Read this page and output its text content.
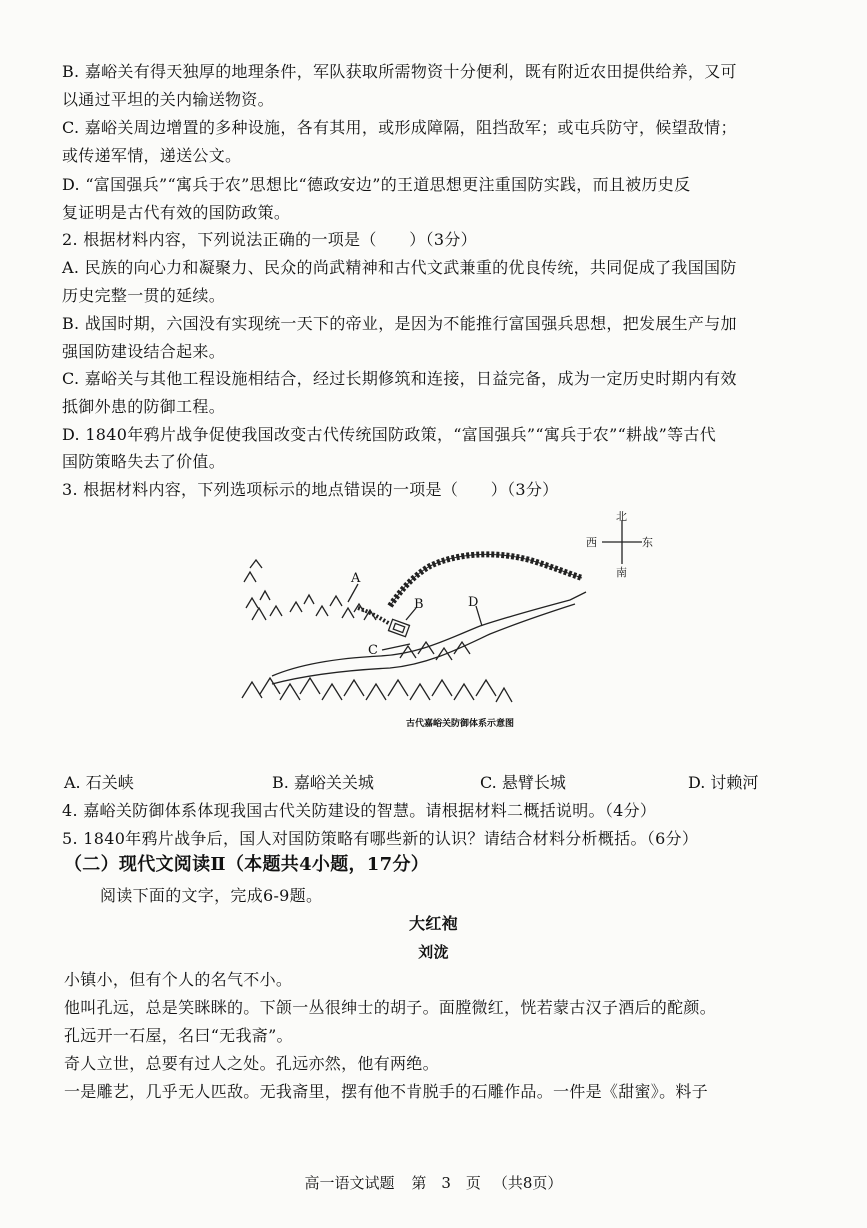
B. 嘉峪关有得天独厚的地理条件，军队获取所需物资十分便利，既有附近农田提供给养，又可
以通过平坦的关内输送物资。
C. 嘉峪关周边增置的多种设施，各有其用，或形成障隔，阻挡敌军；或屯兵防守，候望敌情；
或传递军情，递送公文。
D. “富国强兵”“寓兵于农”思想比“德政安边”的王道思想更注重国防实践，而且被历史反
复证明是古代有效的国防政策。
2. 根据材料内容，下列说法正确的一项是（　　）（3分）
A. 民族的向心力和凝聚力、民众的尚武精神和古代文武兼重的优良传统，共同促成了我国国防
历史完整一贯的延续。
B. 战国时期，六国没有实现统一天下的帝业，是因为不能推行富国强兵思想，把发展生产与加
强国防建设结合起来。
C. 嘉峪关与其他工程设施相结合，经过长期修筑和连接，日益完备，成为一定历史时期内有效
抵御外患的防御工程。
D. 1840年鸦片战争促使我国改变古代传统国防政策，“富国强兵”“寓兵于农”“耕战”等古代
国防策略失去了价值。
3. 根据材料内容，下列选项标示的地点错误的一项是（　　）（3分）
北
南
西	东
A
B
C
D
古代嘉峪关防御体系示意图
A. 石关峡	B. 嘉峪关关城	C. 悬臂长城	D. 讨赖河
4. 嘉峪关防御体系体现我国古代关防建设的智慧。请根据材料二概括说明。（4分）
5. 1840年鸦片战争后，国人对国防策略有哪些新的认识？请结合材料分析概括。（6分）
（二）现代文阅读Ⅱ（本题共4小题，17分）
阅读下面的文字，完成6-9题。
大红袍
刘泷
小镇小，但有个人的名气不小。
他叫孔远，总是笑眯眯的。下颌一丛很绅士的胡子。面膛微红，恍若蒙古汉子酒后的酡颜。
孔远开一石屋，名曰“无我斋”。
奇人立世，总要有过人之处。孔远亦然，他有两绝。
一是雕艺，几乎无人匹敌。无我斋里，摆有他不肯脱手的石雕作品。一件是《甜蜜》。料子
高一语文试题 第　3　页 （共8页）
